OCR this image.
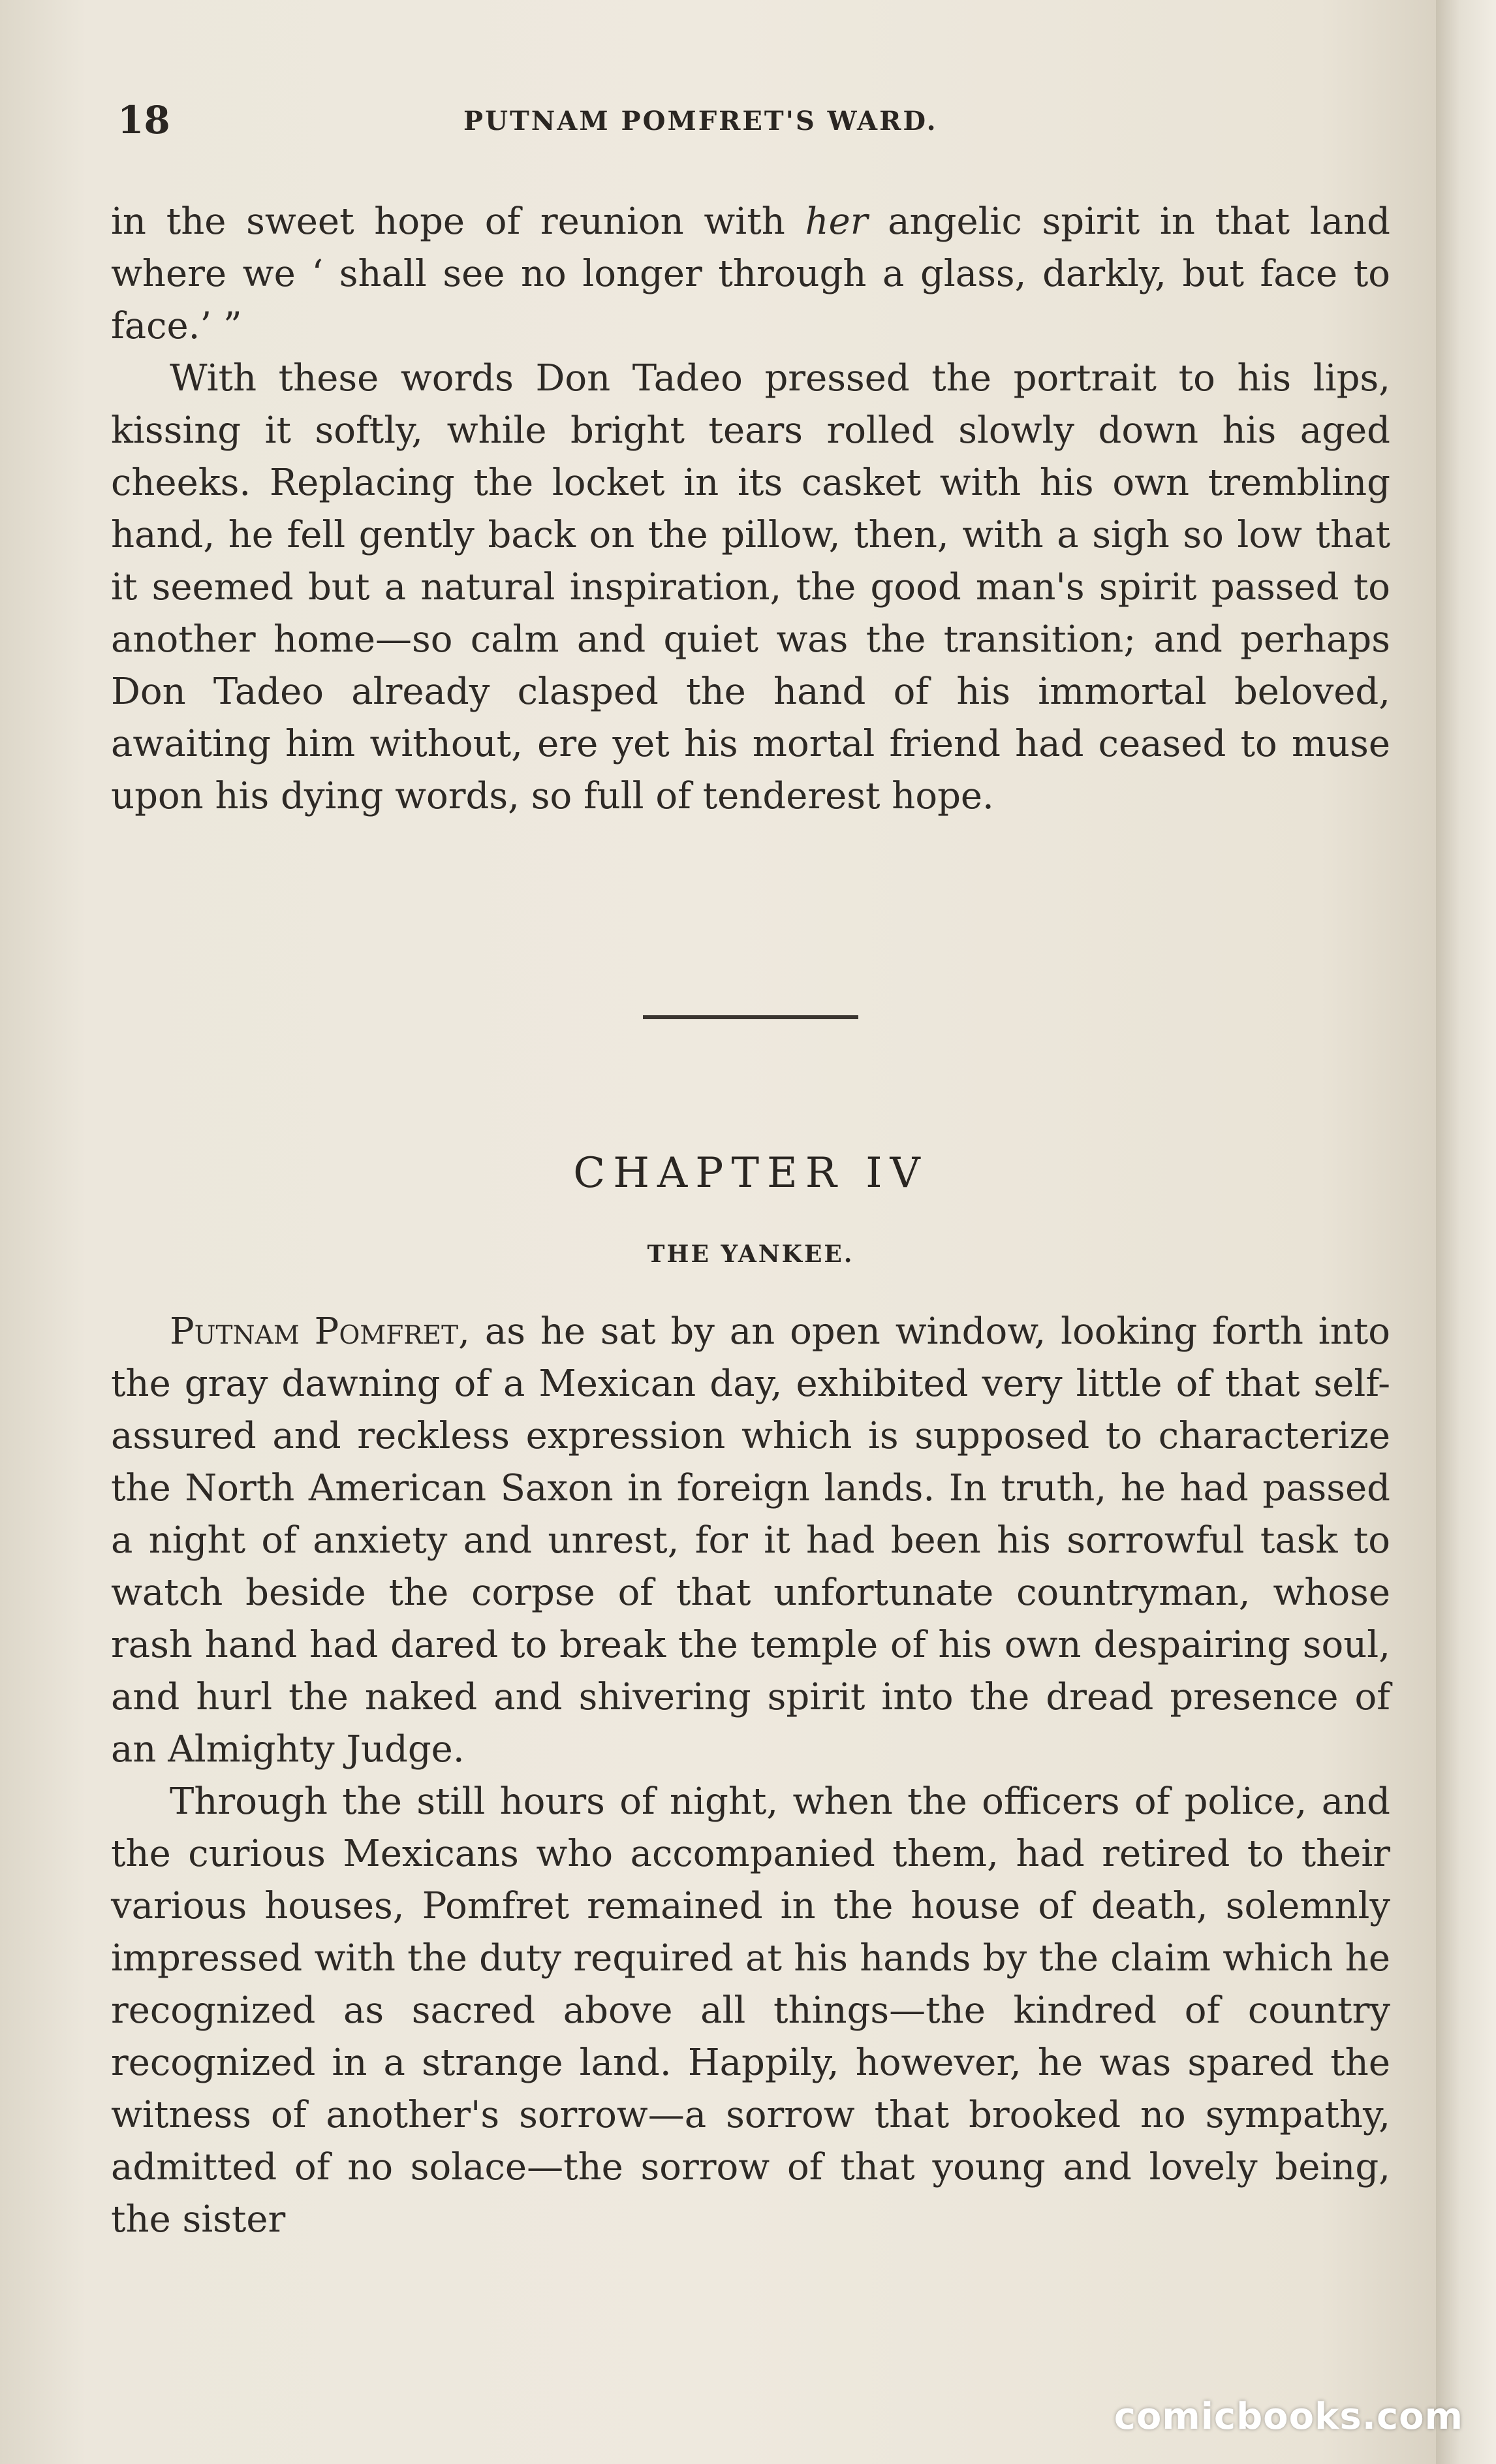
18	PUTNAM POMFRET'S WARD.

in the sweet hope of reunion with her angelic spirit in that land where we ‘ shall see no longer through a glass, darkly, but face to face.’ ”

With these words Don Tadeo pressed the portrait to his lips, kissing it softly, while bright tears rolled slowly down his aged cheeks. Replacing the locket in its casket with his own trembling hand, he fell gently back on the pillow, then, with a sigh so low that it seemed but a natural inspiration, the good man's spirit passed to another home—so calm and quiet was the transition; and perhaps Don Tadeo already clasped the hand of his immortal beloved, awaiting him without, ere yet his mortal friend had ceased to muse upon his dying words, so full of tenderest hope.

CHAPTER IV
THE YANKEE.

Putnam Pomfret, as he sat by an open window, looking forth into the gray dawning of a Mexican day, exhibited very little of that self-assured and reckless expression which is supposed to characterize the North American Saxon in foreign lands. In truth, he had passed a night of anxiety and unrest, for it had been his sorrowful task to watch beside the corpse of that unfortunate countryman, whose rash hand had dared to break the temple of his own despairing soul, and hurl the naked and shivering spirit into the dread presence of an Almighty Judge.

Through the still hours of night, when the officers of police, and the curious Mexicans who accompanied them, had retired to their various houses, Pomfret remained in the house of death, solemnly impressed with the duty required at his hands by the claim which he recognized as sacred above all things—the kindred of country recognized in a strange land. Happily, however, he was spared the witness of another's sorrow—a sorrow that brooked no sympathy, admitted of no solace—the sorrow of that young and lovely being, the sister

comicbooks.com
